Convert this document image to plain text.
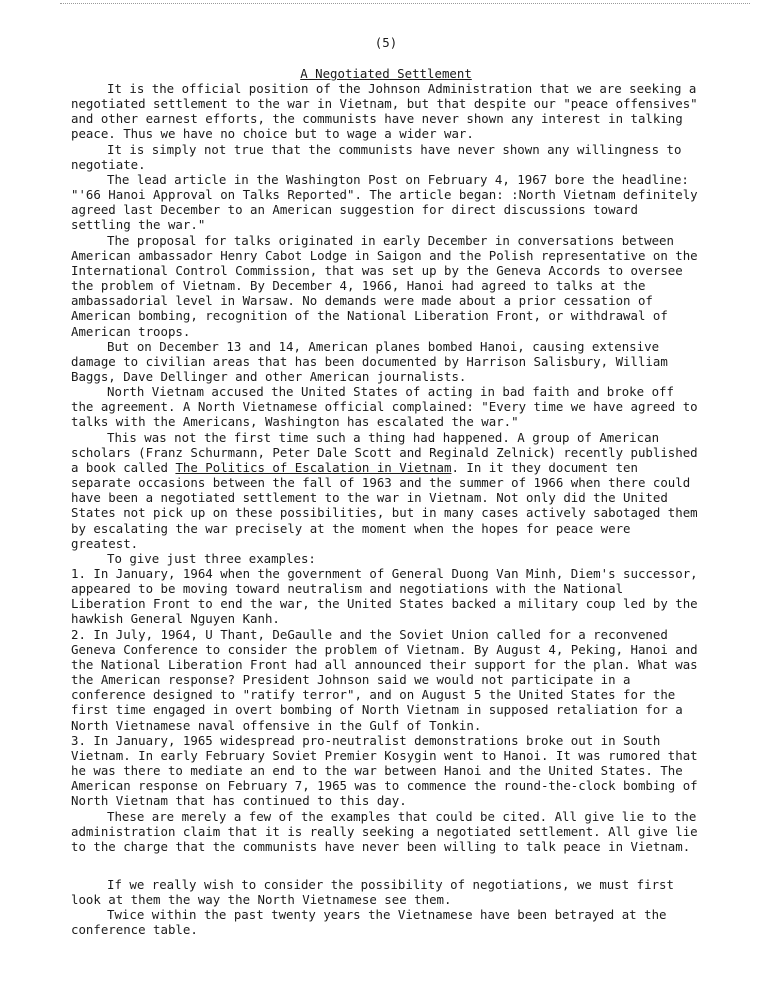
(5)
A Negotiated Settlement

It is the official position of the Johnson Administration that we are seeking a negotiated settlement to the war in Vietnam, but that despite our "peace offensives" and other earnest efforts, the communists have never shown any interest in talking peace. Thus we have no choice but to wage a wider war.

It is simply not true that the communists have never shown any willingness to negotiate.

The lead article in the Washington Post on February 4, 1967 bore the headline: "'66 Hanoi Approval on Talks Reported". The article began: :North Vietnam definitely agreed last December to an American suggestion for direct discussions toward settling the war."

The proposal for talks originated in early December in conversations between American ambassador Henry Cabot Lodge in Saigon and the Polish representative on the International Control Commission, that was set up by the Geneva Accords to oversee the problem of Vietnam. By December 4, 1966, Hanoi had agreed to talks at the ambassadorial level in Warsaw. No demands were made about a prior cessation of American bombing, recognition of the National Liberation Front, or withdrawal of American troops.

But on December 13 and 14, American planes bombed Hanoi, causing extensive damage to civilian areas that has been documented by Harrison Salisbury, William Baggs, Dave Dellinger and other American journalists.

North Vietnam accused the United States of acting in bad faith and broke off the agreement. A North Vietnamese official complained: "Every time we have agreed to talks with the Americans, Washington has escalated the war."

This was not the first time such a thing had happened. A group of American scholars (Franz Schurmann, Peter Dale Scott and Reginald Zelnick) recently published a book called The Politics of Escalation in Vietnam. In it they document ten separate occasions between the fall of 1963 and the summer of 1966 when there could have been a negotiated settlement to the war in Vietnam. Not only did the United States not pick up on these possibilities, but in many cases actively sabotaged them by escalating the war precisely at the moment when the hopes for peace were greatest.

To give just three examples:

1. In January, 1964 when the government of General Duong Van Minh, Diem's successor, appeared to be moving toward neutralism and negotiations with the National Liberation Front to end the war, the United States backed a military coup led by the hawkish General Nguyen Kanh.

2. In July, 1964, U Thant, DeGaulle and the Soviet Union called for a reconvened Geneva Conference to consider the problem of Vietnam. By August 4, Peking, Hanoi and the National Liberation Front had all announced their support for the plan. What was the American response? President Johnson said we would not participate in a conference designed to "ratify terror", and on August 5 the United States for the first time engaged in overt bombing of North Vietnam in supposed retaliation for a North Vietnamese naval offensive in the Gulf of Tonkin.

3. In January, 1965 widespread pro-neutralist demonstrations broke out in South Vietnam. In early February Soviet Premier Kosygin went to Hanoi. It was rumored that he was there to mediate an end to the war between Hanoi and the United States. The American response on February 7, 1965 was to commence the round-the-clock bombing of North Vietnam that has continued to this day.

These are merely a few of the examples that could be cited. All give lie to the administration claim that it is really seeking a negotiated settlement. All give lie to the charge that the communists have never been willing to talk peace in Vietnam.

If we really wish to consider the possibility of negotiations, we must first look at them the way the North Vietnamese see them.

Twice within the past twenty years the Vietnamese have been betrayed at the conference table.
